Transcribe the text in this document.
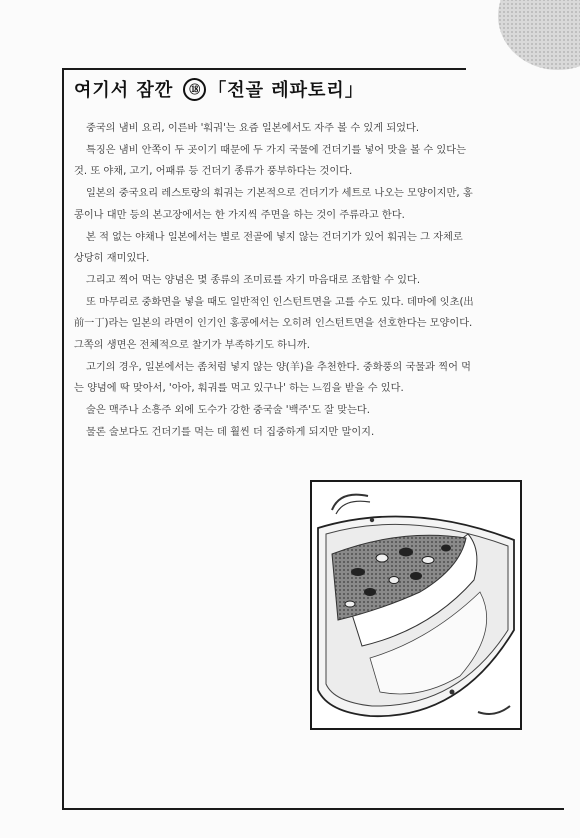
여기서 잠깐	⑱ 「전골 레파토리」

중국의 냄비 요리, 이른바 '훠궈'는 요즘 일본에서도 자주 볼 수 있게 되었다.

특징은 냄비 안쪽이 두 곳이기 때문에 두 가지 국물에 건더기를 넣어 맛을 볼 수 있다는

것. 또 야채, 고기, 어패류 등 건더기 종류가 풍부하다는 것이다.

일본의 중국요리 레스토랑의 훠궈는 기본적으로 건더기가 세트로 나오는 모양이지만, 홍

콩이나 대만 등의 본고장에서는 한 가지씩 주면을 하는 것이 주류라고 한다.

본 적 없는 야채나 일본에서는 별로 전골에 넣지 않는 건더기가 있어 훠궈는 그 자체로

상당히 재미있다.

그리고 찍어 먹는 양념은 몇 종류의 조미료를 자기 마음대로 조합할 수 있다.

또 마무리로 중화면을 넣을 때도 일반적인 인스턴트면을 고를 수도 있다. 데마에 잇초(出

前一丁)라는 일본의 라면이 인기인 홍콩에서는 오히려 인스턴트면을 선호한다는 모양이다.

그쪽의 생면은 전체적으로 찰기가 부족하기도 하니까.

고기의 경우, 일본에서는 좀처럼 넣지 않는 양(羊)을 추천한다. 중화풍의 국물과 찍어 먹

는 양념에 딱 맞아서, '아아, 훠궈를 먹고 있구나' 하는 느낌을 받을 수 있다.

술은 맥주나 소흥주 외에 도수가 강한 중국술 '백주'도 잘 맞는다.

물론 술보다도 건더기를 먹는 데 훨씬 더 집중하게 되지만 말이지.
